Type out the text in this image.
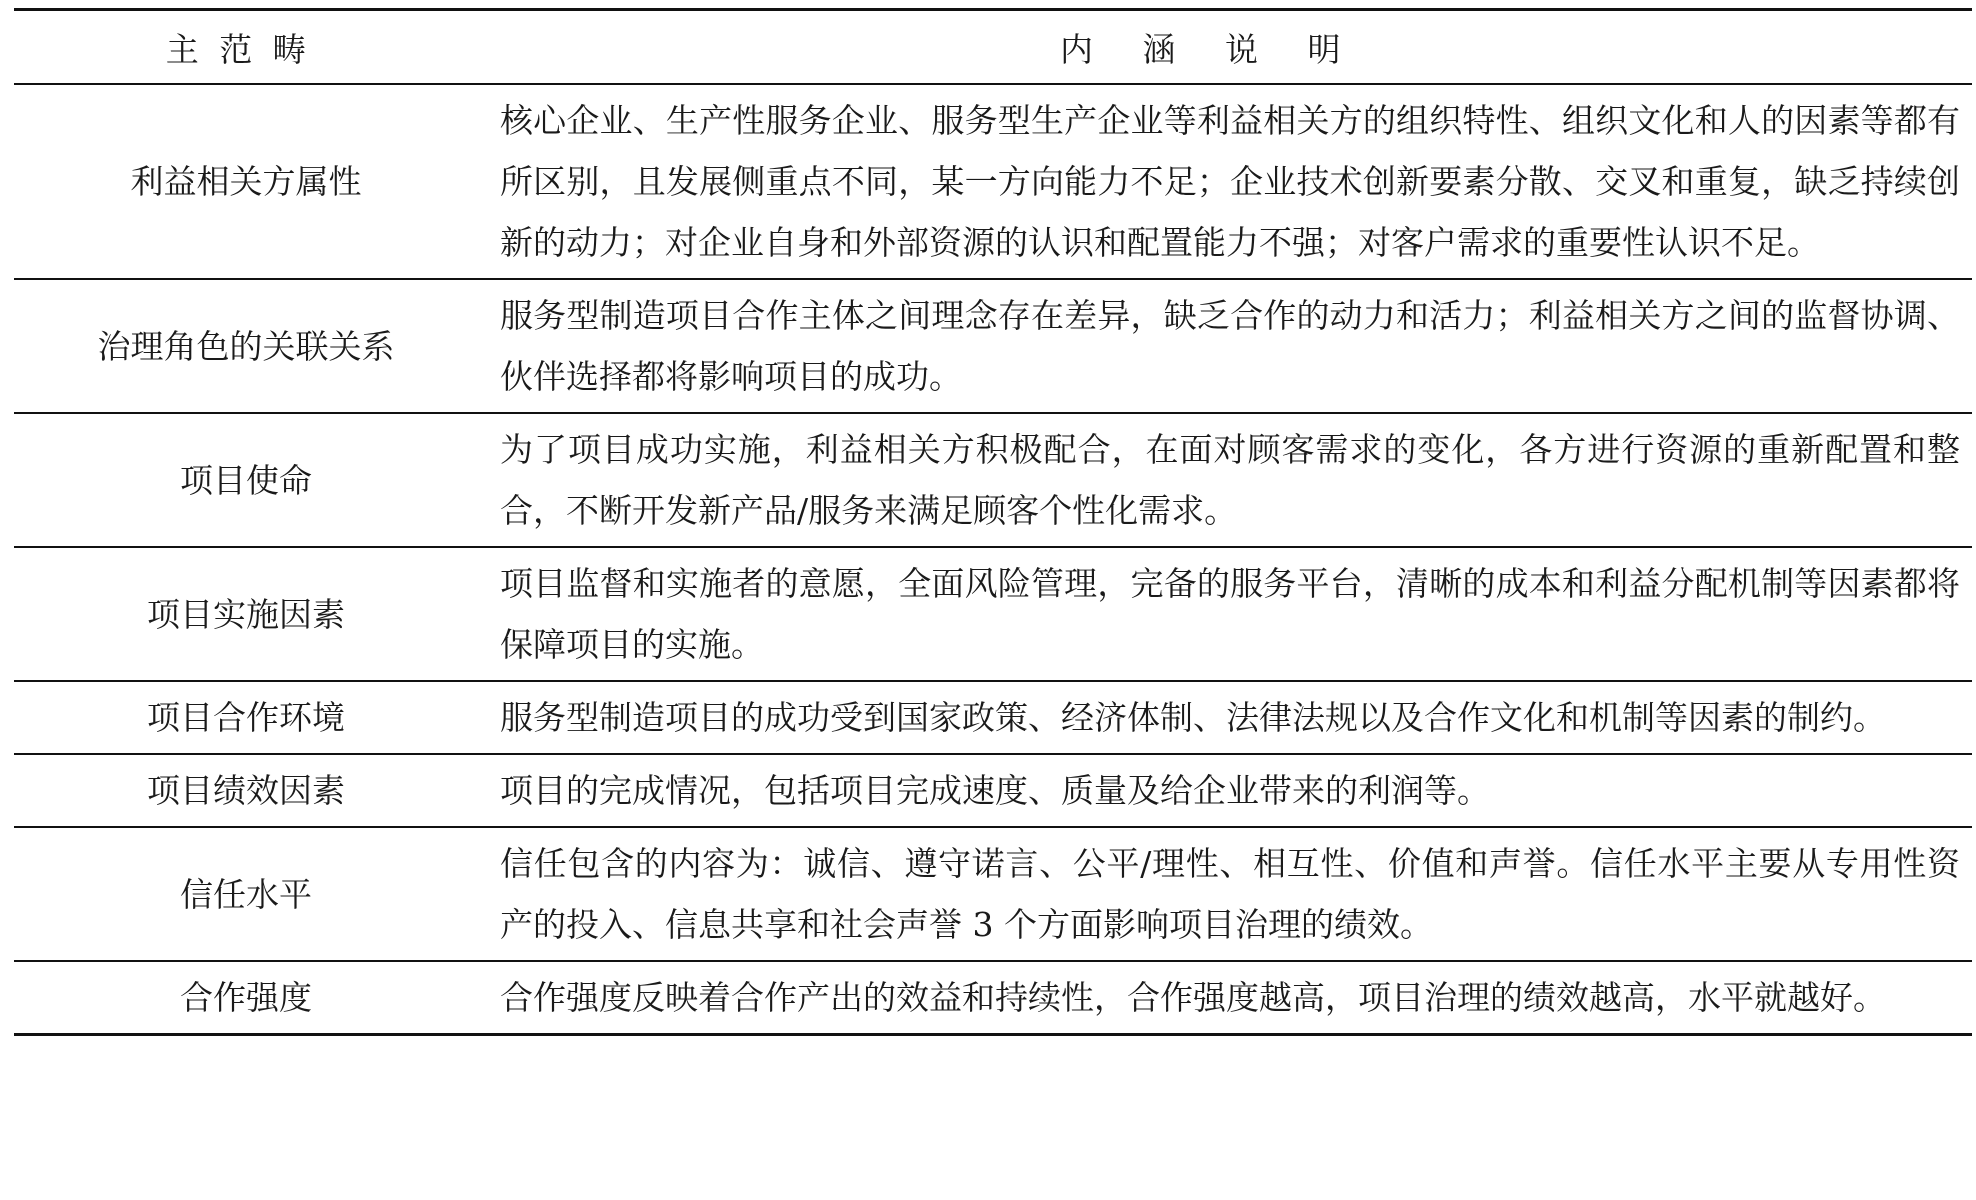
主范畴	内涵说明
利益相关方属性	核心企业、生产性服务企业、服务型生产企业等利益相关方的组织特性、组织文化和人的因素等都有所区别，且发展侧重点不同，某一方向能力不足；企业技术创新要素分散、交叉和重复，缺乏持续创新的动力；对企业自身和外部资源的认识和配置能力不强；对客户需求的重要性认识不足。
治理角色的关联关系	服务型制造项目合作主体之间理念存在差异，缺乏合作的动力和活力；利益相关方之间的监督协调、伙伴选择都将影响项目的成功。
项目使命	为了项目成功实施，利益相关方积极配合，在面对顾客需求的变化，各方进行资源的重新配置和整合，不断开发新产品/服务来满足顾客个性化需求。
项目实施因素	项目监督和实施者的意愿，全面风险管理，完备的服务平台，清晰的成本和利益分配机制等因素都将保障项目的实施。
项目合作环境	服务型制造项目的成功受到国家政策、经济体制、法律法规以及合作文化和机制等因素的制约。
项目绩效因素	项目的完成情况，包括项目完成速度、质量及给企业带来的利润等。
信任水平	信任包含的内容为：诚信、遵守诺言、公平/理性、相互性、价值和声誉。信任水平主要从专用性资产的投入、信息共享和社会声誉 3 个方面影响项目治理的绩效。
合作强度	合作强度反映着合作产出的效益和持续性，合作强度越高，项目治理的绩效越高，水平就越好。
